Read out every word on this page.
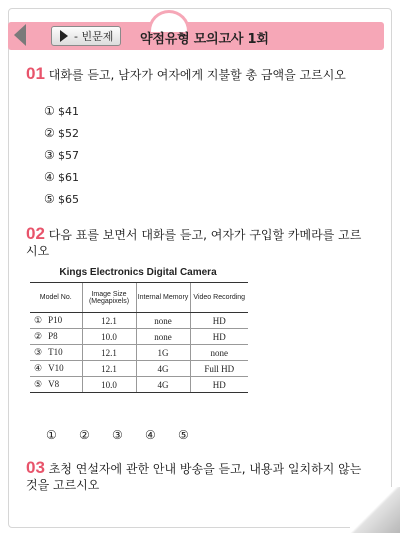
- 빈문제 약점유형 모의고사 1회
01 대화를 듣고, 남자가 여자에게 지불할 총 금액을 고르시오
① $41
② $52
③ $57
④ $61
⑤ $65
02 다음 표를 보면서 대화를 듣고, 여자가 구입할 카메라를 고르시오
Kings Electronics Digital Camera
Model No.	Image Size (Megapixels)	Internal Memory	Video Recording
① P10	12.1	none	HD
② P8	10.0	none	HD
③ T10	12.1	1G	none
④ V10	12.1	4G	Full HD
⑤ V8	10.0	4G	HD
①	②	③	④	⑤
03 초청 연설자에 관한 안내 방송을 듣고, 내용과 일치하지 않는 것을 고르시오
